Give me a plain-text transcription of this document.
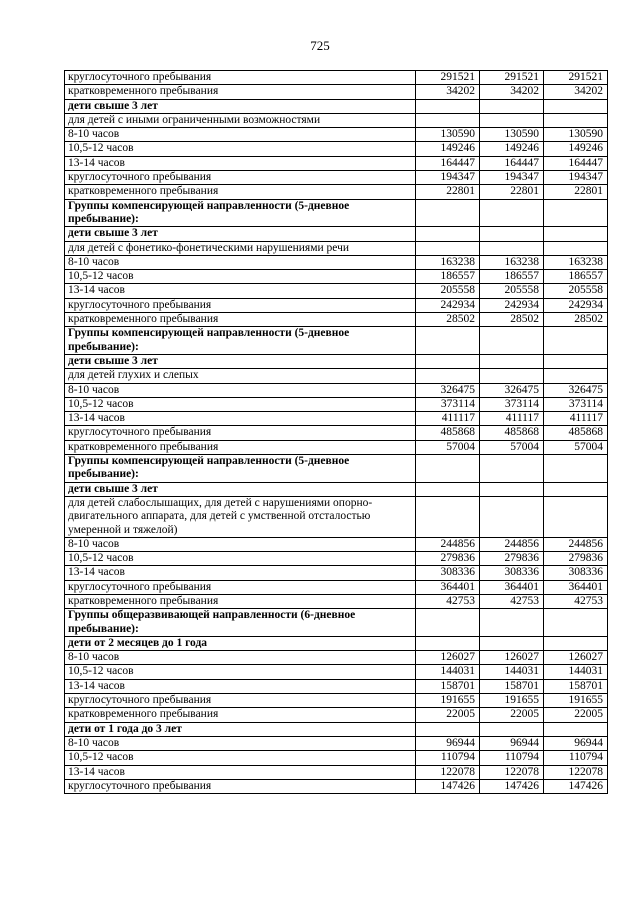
725
круглосуточного пребывания	291521	291521	291521
кратковременного пребывания	34202	34202	34202
дети свыше 3 лет			
для детей с иными ограниченными возможностями			
8-10 часов	130590	130590	130590
10,5-12 часов	149246	149246	149246
13-14 часов	164447	164447	164447
круглосуточного пребывания	194347	194347	194347
кратковременного пребывания	22801	22801	22801
Группы компенсирующей направленности (5-дневное пребывание):			
дети свыше 3 лет			
для детей с фонетико-фонетическими нарушениями речи			
8-10 часов	163238	163238	163238
10,5-12 часов	186557	186557	186557
13-14 часов	205558	205558	205558
круглосуточного пребывания	242934	242934	242934
кратковременного пребывания	28502	28502	28502
Группы компенсирующей направленности (5-дневное пребывание):			
дети свыше 3 лет			
для детей глухих и слепых			
8-10 часов	326475	326475	326475
10,5-12 часов	373114	373114	373114
13-14 часов	411117	411117	411117
круглосуточного пребывания	485868	485868	485868
кратковременного пребывания	57004	57004	57004
Группы компенсирующей направленности (5-дневное пребывание):			
дети свыше 3 лет			
для детей слабослышащих, для детей с нарушениями опорно-двигательного аппарата, для детей с умственной отсталостью умеренной и тяжелой)			
8-10 часов	244856	244856	244856
10,5-12 часов	279836	279836	279836
13-14 часов	308336	308336	308336
круглосуточного пребывания	364401	364401	364401
кратковременного пребывания	42753	42753	42753
Группы общеразвивающей направленности (6-дневное пребывание):			
дети от 2 месяцев до 1 года			
8-10 часов	126027	126027	126027
10,5-12 часов	144031	144031	144031
13-14 часов	158701	158701	158701
круглосуточного пребывания	191655	191655	191655
кратковременного пребывания	22005	22005	22005
дети от 1 года до 3 лет			
8-10 часов	96944	96944	96944
10,5-12 часов	110794	110794	110794
13-14 часов	122078	122078	122078
круглосуточного пребывания	147426	147426	147426
